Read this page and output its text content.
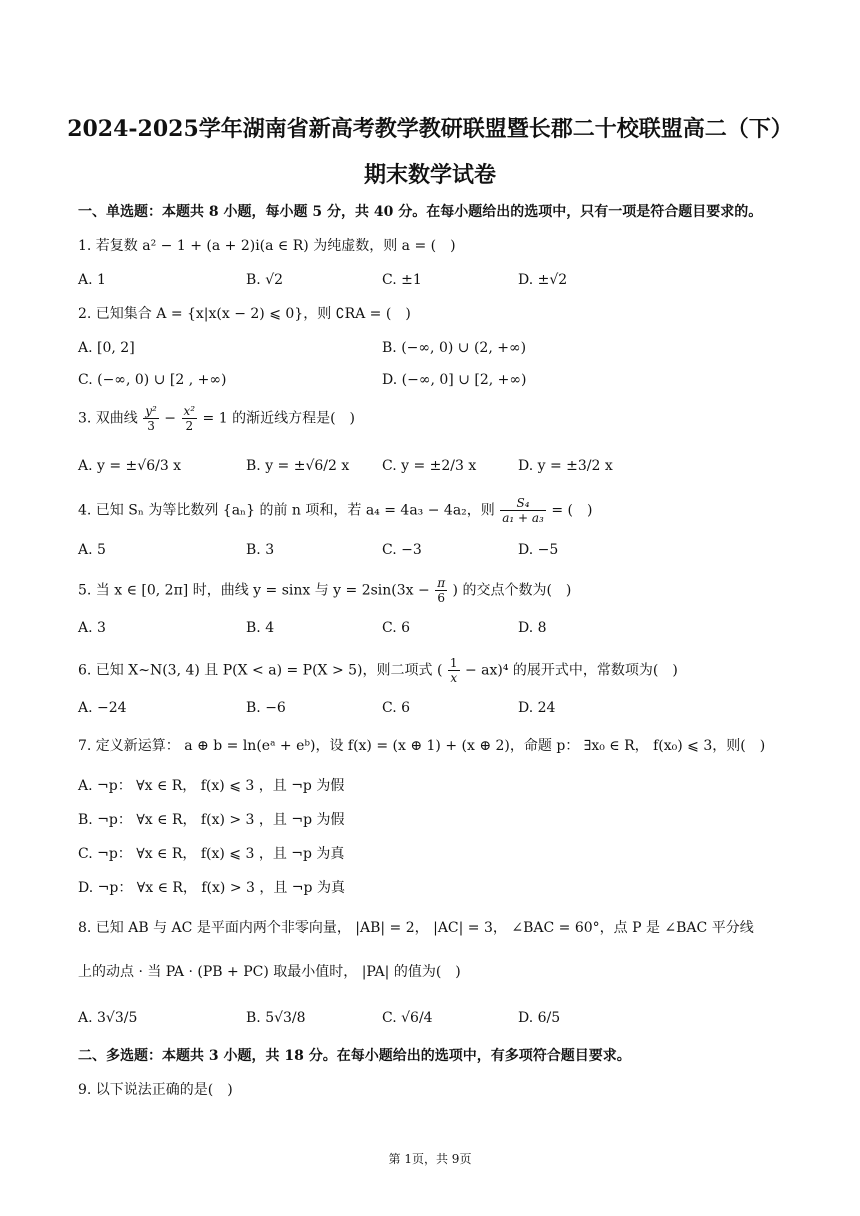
2024-2025学年湖南省新高考教学教研联盟暨长郡二十校联盟高二（下）
期末数学试卷
一、单选题：本题共 8 小题，每小题 5 分，共 40 分。在每小题给出的选项中，只有一项是符合题目要求的。
1. 若复数 a² − 1 + (a + 2)i(a ∈ R) 为纯虚数，则 a = (　)
A. 1	B. √2	C. ±1	D. ±√2
2. 已知集合 A = {x|x(x − 2) ⩽ 0}，则 ∁RA = (　)
A. [0, 2]	B. (−∞, 0) ∪ (2, +∞)
C. (−∞, 0) ∪ [2 , +∞)	D. (−∞, 0] ∪ [2, +∞)
3. 双曲线 $\frac{\text{y²}}{3} - \frac{\text{x²}}{2} = 1$ 的渐近线方程是(　)
A. y = ±√6/3 x	B. y = ±√6/2 x C. y = ±2/3 x	D. y = ±3/2 x
4. 已知 Sₙ 为等比数列 {aₙ} 的前 n 项和，若 a₄ = 4a₃ − 4a₂，则 $\frac{\text{S₄}}{\text{a₁ + a₃}}$ = (　)
A. 5	B. 3	C. −3	D. −5
5. 当 x ∈ [0, 2π] 时，曲线 y = sinx 与 $y = 2\sin(3x - \frac{\pi}{6}$ ) 的交点个数为(　)
A. 3	B. 4	C. 6	D. 8
6. 已知 X∼N(3, 4) 且 P(X < a) = P(X > 5)，则二项式 ( $\frac{1}{x} - ax)^4$ 的展开式中，常数项为(　)
A. −24	B. −6	C. 6	D. 24
7. 定义新运算： a ⊕ b = ln(eᵃ + eᵇ)，设 f(x) = (x ⊕ 1) + (x ⊕ 2)，命题 p： ∃x₀ ∈ R， f(x₀) ⩽ 3，则(　)
A. ¬p： ∀x ∈ R， f(x) ⩽ 3 ，且 ¬p 为假
B. ¬p： ∀x ∈ R， f(x) > 3 ，且 ¬p 为假
C. ¬p： ∀x ∈ R， f(x) ⩽ 3 ，且 ¬p 为真
D. ¬p： ∀x ∈ R， f(x) > 3 ，且 ¬p 为真
8. 已知 AB 与 AC 是平面内两个非零向量， |AB| = 2， |AC| = 3， ∠BAC = 60°，点 P 是 ∠BAC 平分线
上的动点 · 当 PA · (PB + PC) 取最小值时， |PA| 的值为(　)
A. 3√3/5	B. 5√3/8	C. √6/4	D. 6/5
二、多选题：本题共 3 小题，共 18 分。在每小题给出的选项中，有多项符合题目要求。
9. 以下说法正确的是(　)
第 1页，共 9页
